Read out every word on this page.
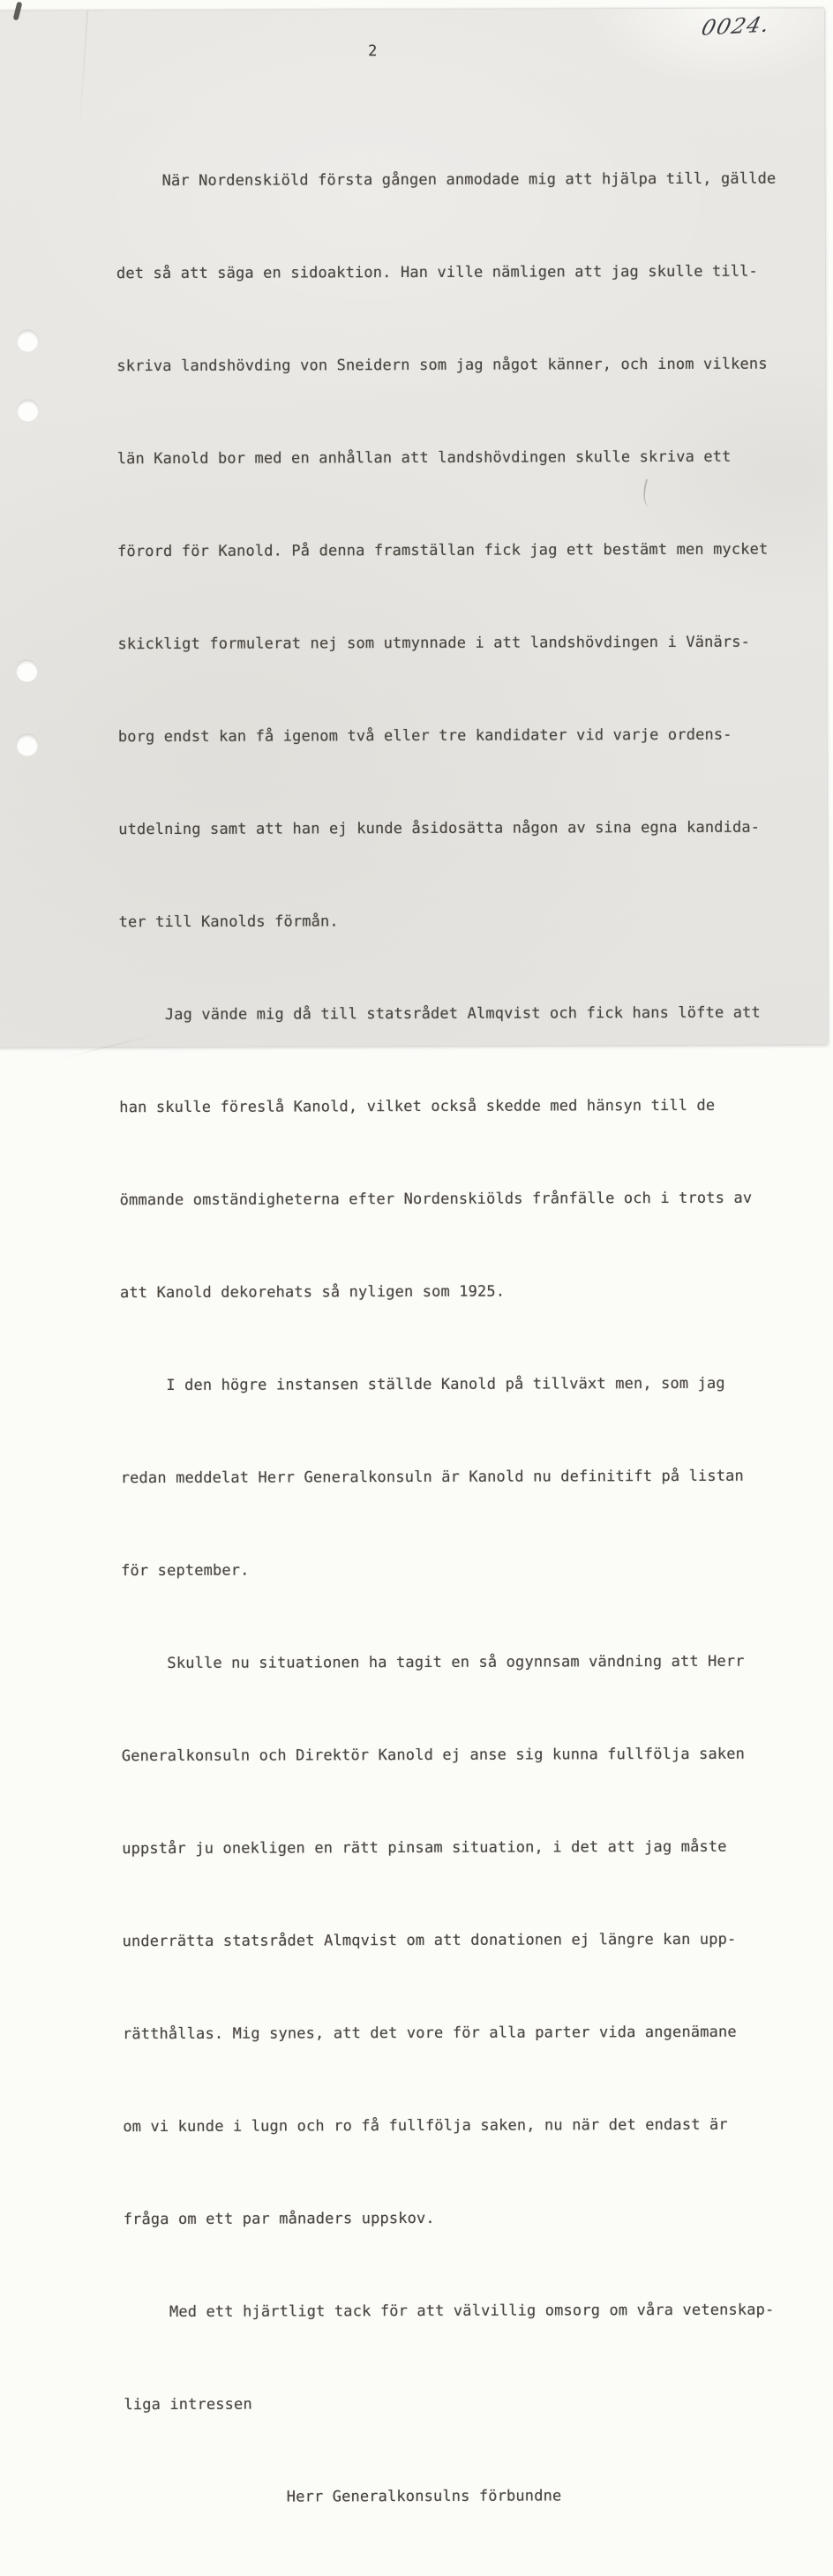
0024.
2

När Nordenskiöld första gången anmodade mig att hjälpa till, gällde

det så att säga en sidoaktion. Han ville nämligen att jag skulle till-

skriva landshövding von Sneidern som jag något känner, och inom vilkens

län Kanold bor med en anhållan att landshövdingen skulle skriva ett

förord för Kanold. På denna framställan fick jag ett bestämt men mycket

skickligt formulerat nej som utmynnade i att landshövdingen i Vänärs-

borg endst kan få igenom två eller tre kandidater vid varje ordens-

utdelning samt att han ej kunde åsidosätta någon av sina egna kandida-

ter till Kanolds förmån.

Jag vände mig då till statsrådet Almqvist och fick hans löfte att

han skulle föreslå Kanold, vilket också skedde med hänsyn till de

ömmande omständigheterna efter Nordenskiölds frånfälle och i trots av

att Kanold dekorehats så nyligen som 1925.

I den högre instansen ställde Kanold på tillväxt men, som jag

redan meddelat Herr Generalkonsuln är Kanold nu definitift på listan

för september.

Skulle nu situationen ha tagit en så ogynnsam vändning att Herr

Generalkonsuln och Direktör Kanold ej anse sig kunna fullfölja saken

uppstår ju onekligen en rätt pinsam situation, i det att jag måste

underrätta statsrådet Almqvist om att donationen ej längre kan upp-

rätthållas. Mig synes, att det vore för alla parter vida angenämane

om vi kunde i lugn och ro få fullfölja saken, nu när det endast är

fråga om ett par månaders uppskov.

Med ett hjärtligt tack för att välvillig omsorg om våra vetenskap-

liga intressen

Herr Generalkonsulns förbundne
